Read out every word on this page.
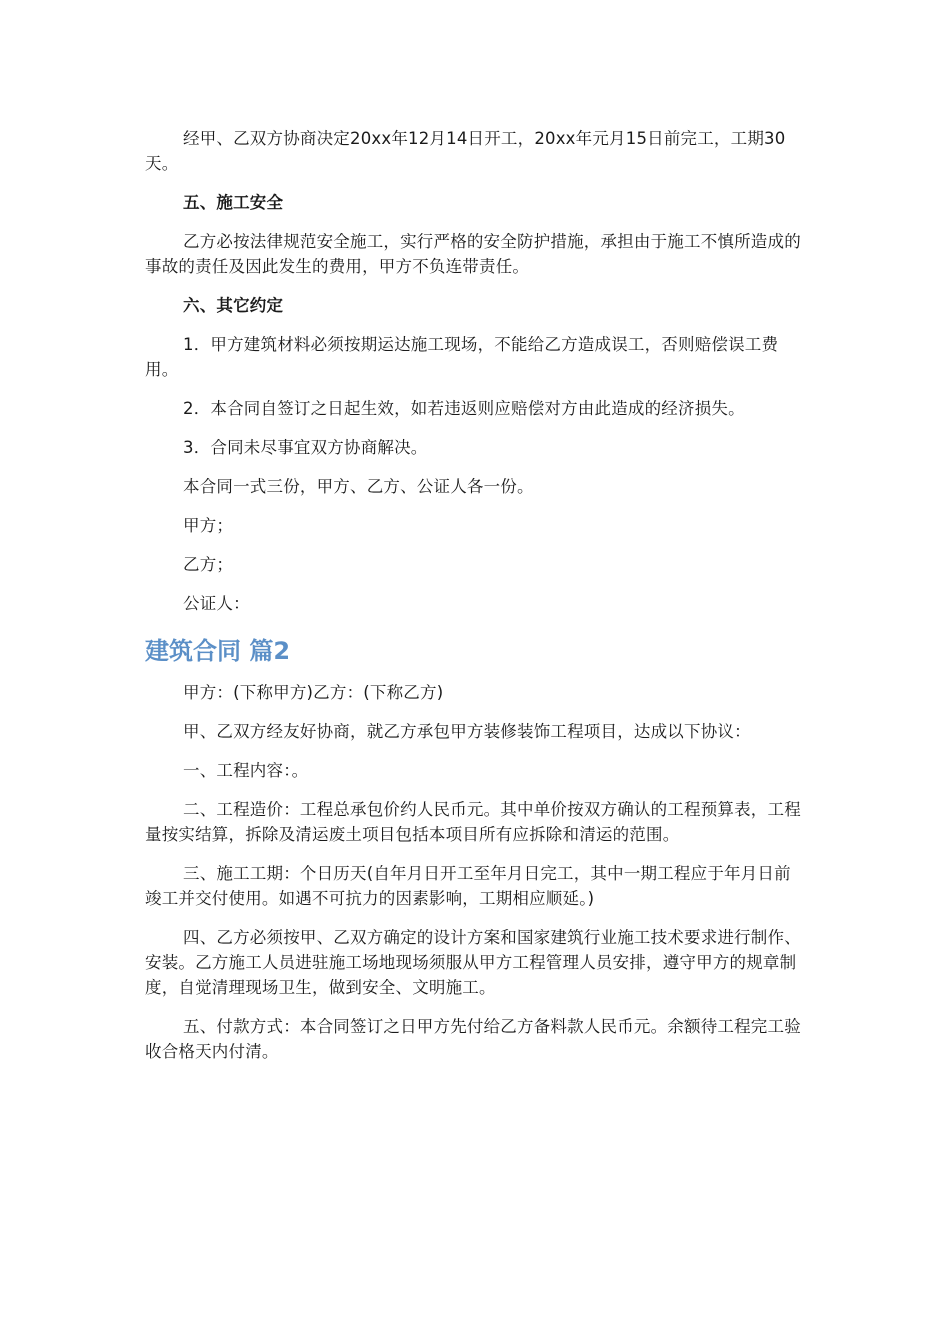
经甲、乙双方协商决定20xx年12月14日开工，20xx年元月15日前完工，工期30天。

五、施工安全

乙方必按法律规范安全施工，实行严格的安全防护措施，承担由于施工不慎所造成的事故的责任及因此发生的费用，甲方不负连带责任。

六、其它约定

1．甲方建筑材料必须按期运达施工现场，不能给乙方造成误工，否则赔偿误工费用。

2．本合同自签订之日起生效，如若违返则应赔偿对方由此造成的经济损失。

3．合同未尽事宜双方协商解决。

本合同一式三份，甲方、乙方、公证人各一份。

甲方；

乙方；

公证人：

建筑合同 篇2

甲方：(下称甲方)乙方：(下称乙方)

甲、乙双方经友好协商，就乙方承包甲方装修装饰工程项目，达成以下协议：

一、工程内容：。

二、工程造价：工程总承包价约人民币元。其中单价按双方确认的工程预算表，工程量按实结算，拆除及清运废土项目包括本项目所有应拆除和清运的范围。

三、施工工期：个日历天(自年月日开工至年月日完工，其中一期工程应于年月日前竣工并交付使用。如遇不可抗力的因素影响，工期相应顺延。)

四、乙方必须按甲、乙双方确定的设计方案和国家建筑行业施工技术要求进行制作、安装。乙方施工人员进驻施工场地现场须服从甲方工程管理人员安排，遵守甲方的规章制度，自觉清理现场卫生，做到安全、文明施工。

五、付款方式：本合同签订之日甲方先付给乙方备料款人民币元。余额待工程完工验收合格天内付清。
